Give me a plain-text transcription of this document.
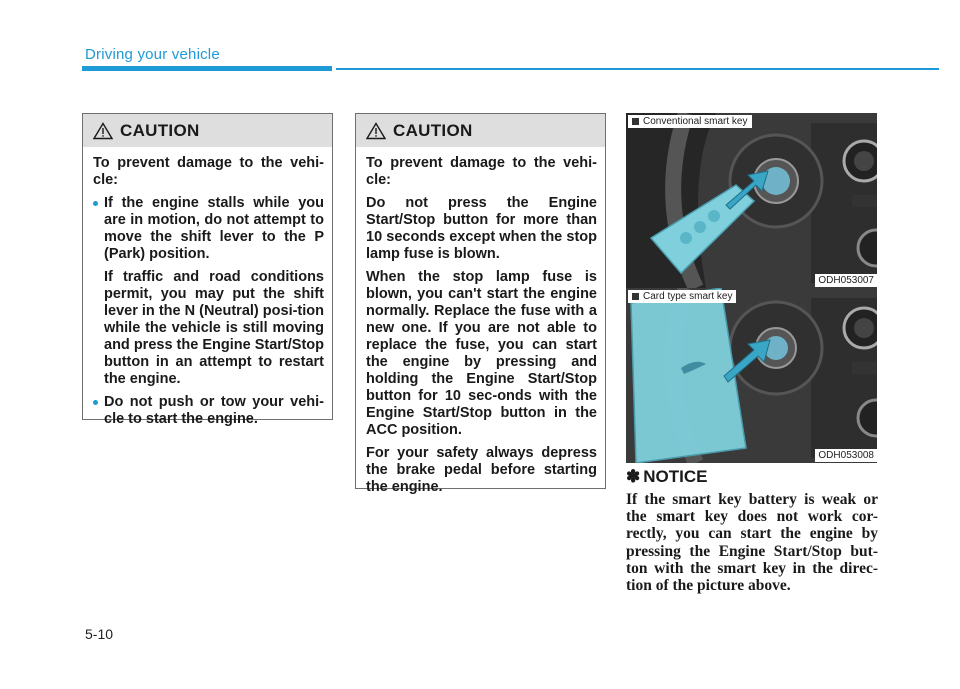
Driving your vehicle
CAUTION

To prevent damage to the vehi-cle:

If the engine stalls while you are in motion, do not attempt to move the shift lever to the P (Park) position.

If traffic and road conditions permit, you may put the shift lever in the N (Neutral) posi-tion while the vehicle is still moving and press the Engine Start/Stop button in an attempt to restart the engine.

Do not push or tow your vehi-cle to start the engine.

CAUTION

To prevent damage to the vehi-cle:

Do not press the Engine Start/Stop button for more than 10 seconds except when the stop lamp fuse is blown.

When the stop lamp fuse is blown, you can't start the engine normally. Replace the fuse with a new one. If you are not able to replace the fuse, you can start the engine by pressing and holding the Engine Start/Stop button for 10 sec-onds with the Engine Start/Stop button in the ACC position.

For your safety always depress the brake pedal before starting the engine.

Conventional smart key
ODH053007
Card type smart key
ODH053008
✽ NOTICE

If the smart key battery is weak or the smart key does not work cor-rectly, you can start the engine by pressing the Engine Start/Stop but-ton with the smart key in the direc-tion of the picture above.

5-10
